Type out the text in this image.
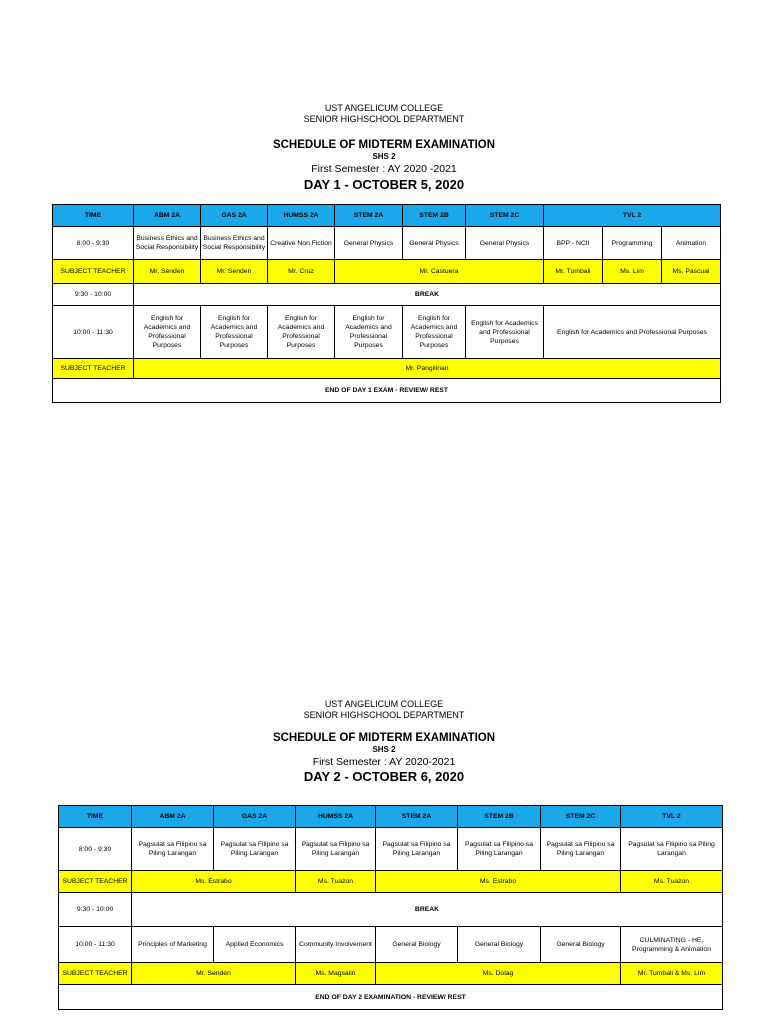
UST ANGELICUM COLLEGE
SENIOR HIGHSCHOOL DEPARTMENT
SCHEDULE OF MIDTERM EXAMINATION
SHS 2
First Semester : AY 2020 -2021
DAY 1 - OCTOBER 5, 2020
TIME	ABM 2A	GAS 2A	HUMSS 2A	STEM 2A	STEM 2B	STEM 2C	TVL 2		
8:00 - 9:30	Business Ethics and Social Responsibility	Business Ethics and Social Responsibility	Creative Non Fiction	General Physics	General Physics	General Physics	BPP - NCII	Programming	Animation
SUBJECT TEACHER	Mr. Senden	Mr. Senden	Mr. Cruz	Mr. Castuera			Mr. Tumbali	Ms. Lim	Ms. Pascual
9:30 - 10:00	BREAK								
10:00 - 11:30	English for Academics and Professional Purposes	English for Academics and Professional Purposes	English for Academics and Professional Purposes	English for Academics and Professional Purposes	English for Academics and Professional Purposes	English for Academics and Professional Purposes	English for Academics and Professional Purposes		
SUBJECT TEACHER	Mr. Pangilinan								
END OF DAY 1 EXAM - REVIEW/ REST									
UST ANGELICUM COLLEGE
SENIOR HIGHSCHOOL DEPARTMENT
SCHEDULE OF MIDTERM EXAMINATION
SHS 2
First Semester : AY 2020-2021
DAY 2 - OCTOBER 6, 2020
TIME	ABM 2A	GAS 2A	HUMSS 2A	STEM 2A	STEM 2B	STEM 2C	TVL 2
8:00 - 9:30	Pagsulat sa Filipino sa Piling Larangan	Pagsulat sa Filipino sa Piling Larangan	Pagsulat sa Filipino sa Piling Larangan	Pagsulat sa Filipino sa Piling Larangan	Pagsulat sa Filipino sa Piling Larangan	Pagsulat sa Filipino sa Piling Larangan	Pagsulat sa Filipino sa Piling Larangan
SUBJECT TEACHER	Ms. Estrabo		Ms. Tuazon	Ms. Estrabo			Ms. Tuazon
9:30 - 10:00	BREAK						
10:00 - 11:30	Principles of Marketing	Applied Economics	Community Involvement	General Biology	General Biology	General Biology	CULMINATING - HE, Programming & Animation
SUBJECT TEACHER	Mr. Senden		Ms. Magsalin	Ms. Dolag			Mr. Tumbali & Ms. Lim
END OF DAY 2 EXAMINATION - REVIEW/ REST							
